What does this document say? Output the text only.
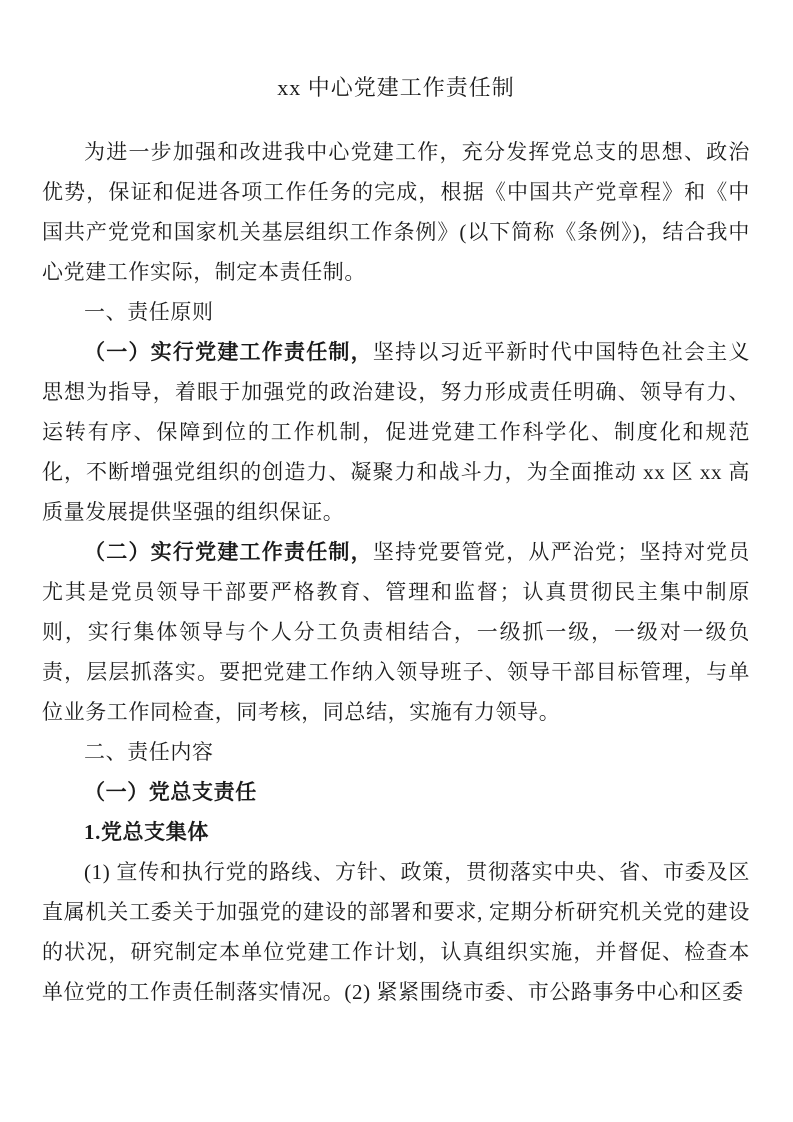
xx 中心党建工作责任制

为进一步加强和改进我中心党建工作，充分发挥党总支的思想、政治优势，保证和促进各项工作任务的完成，根据《中国共产党章程》和《中国共产党党和国家机关基层组织工作条例》(以下简称《条例》)，结合我中心党建工作实际，制定本责任制。

一、责任原则

（一）实行党建工作责任制，坚持以习近平新时代中国特色社会主义思想为指导，着眼于加强党的政治建设，努力形成责任明确、领导有力、运转有序、保障到位的工作机制，促进党建工作科学化、制度化和规范化，不断增强党组织的创造力、凝聚力和战斗力，为全面推动 xx 区 xx 高质量发展提供坚强的组织保证。

（二）实行党建工作责任制，坚持党要管党，从严治党；坚持对党员尤其是党员领导干部要严格教育、管理和监督；认真贯彻民主集中制原则，实行集体领导与个人分工负责相结合，一级抓一级，一级对一级负责，层层抓落实。要把党建工作纳入领导班子、领导干部目标管理，与单位业务工作同检查，同考核，同总结，实施有力领导。

二、责任内容

（一）党总支责任

1.党总支集体

(1) 宣传和执行党的路线、方针、政策，贯彻落实中央、省、市委及区直属机关工委关于加强党的建设的部署和要求, 定期分析研究机关党的建设的状况，研究制定本单位党建工作计划，认真组织实施，并督促、检查本单位党的工作责任制落实情况。(2) 紧紧围绕市委、市公路事务中心和区委
